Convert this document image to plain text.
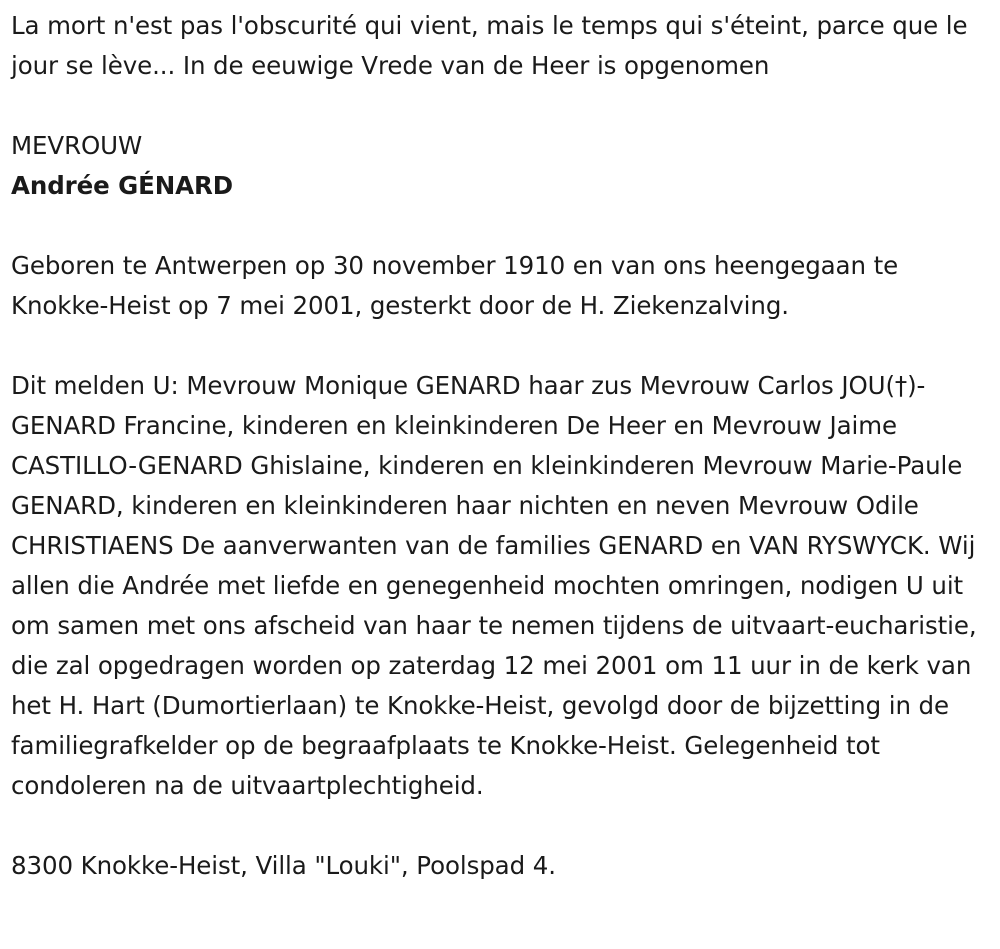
La mort n'est pas l'obscurité qui vient, mais le temps qui s'éteint, parce que le jour se lève... In de eeuwige Vrede van de Heer is opgenomen

MEVROUW

Andrée GÉNARD

Geboren te Antwerpen op 30 november 1910 en van ons heengegaan te Knokke-Heist op 7 mei 2001, gesterkt door de H. Ziekenzalving.

Dit melden U: Mevrouw Monique GENARD haar zus Mevrouw Carlos JOU(†)-GENARD Francine, kinderen en kleinkinderen De Heer en Mevrouw Jaime CASTILLO-GENARD Ghislaine, kinderen en kleinkinderen Mevrouw Marie-Paule GENARD, kinderen en kleinkinderen haar nichten en neven Mevrouw Odile CHRISTIAENS De aanverwanten van de families GENARD en VAN RYSWYCK. Wij allen die Andrée met liefde en genegenheid mochten omringen, nodigen U uit om samen met ons afscheid van haar te nemen tijdens de uitvaart-eucharistie, die zal opgedragen worden op zaterdag 12 mei 2001 om 11 uur in de kerk van het H. Hart (Dumortierlaan) te Knokke-Heist, gevolgd door de bijzetting in de familiegrafkelder op de begraafplaats te Knokke-Heist. Gelegenheid tot condoleren na de uitvaartplechtigheid.

8300 Knokke-Heist, Villa "Louki", Poolspad 4.
